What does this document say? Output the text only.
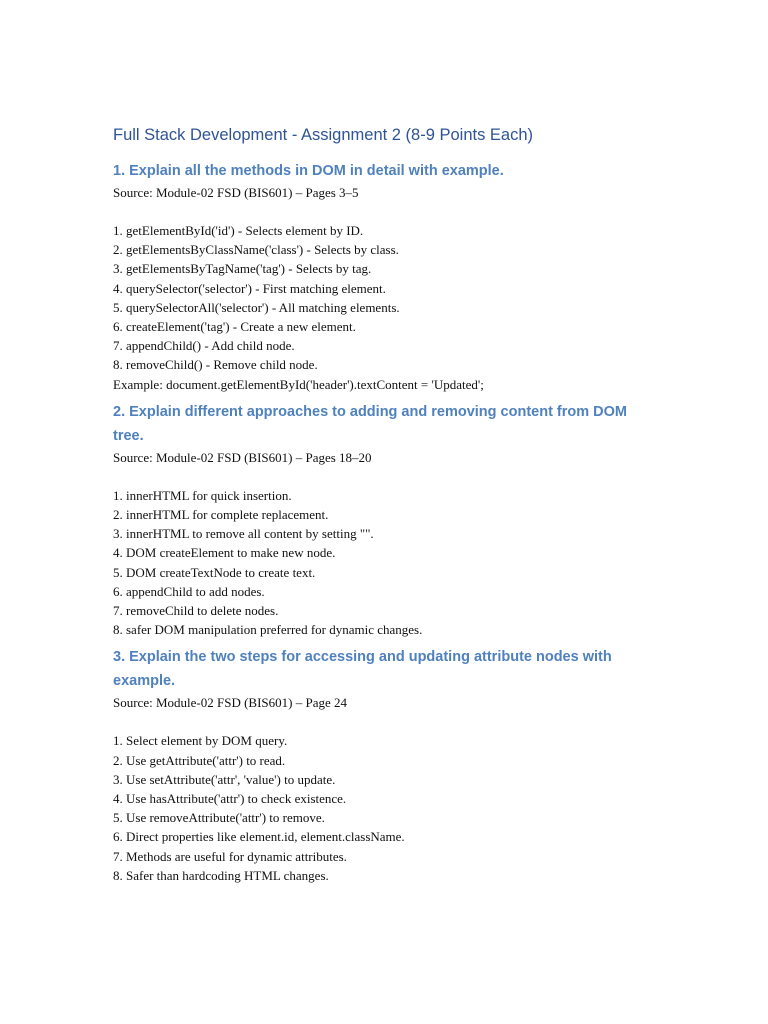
Full Stack Development - Assignment 2 (8-9 Points Each)
1. Explain all the methods in DOM in detail with example.

Source: Module-02 FSD (BIS601) – Pages 3–5

1. getElementById('id') - Selects element by ID.
2. getElementsByClassName('class') - Selects by class.
3. getElementsByTagName('tag') - Selects by tag.
4. querySelector('selector') - First matching element.
5. querySelectorAll('selector') - All matching elements.
6. createElement('tag') - Create a new element.
7. appendChild() - Add child node.
8. removeChild() - Remove child node.

Example: document.getElementById('header').textContent = 'Updated';

2. Explain different approaches to adding and removing content from DOM
tree.

Source: Module-02 FSD (BIS601) – Pages 18–20

1. innerHTML for quick insertion.
2. innerHTML for complete replacement.
3. innerHTML to remove all content by setting "".
4. DOM createElement to make new node.
5. DOM createTextNode to create text.
6. appendChild to add nodes.
7. removeChild to delete nodes.
8. safer DOM manipulation preferred for dynamic changes.
3. Explain the two steps for accessing and updating attribute nodes with
example.

Source: Module-02 FSD (BIS601) – Page 24

1. Select element by DOM query.
2. Use getAttribute('attr') to read.
3. Use setAttribute('attr', 'value') to update.
4. Use hasAttribute('attr') to check existence.
5. Use removeAttribute('attr') to remove.
6. Direct properties like element.id, element.className.
7. Methods are useful for dynamic attributes.
8. Safer than hardcoding HTML changes.
